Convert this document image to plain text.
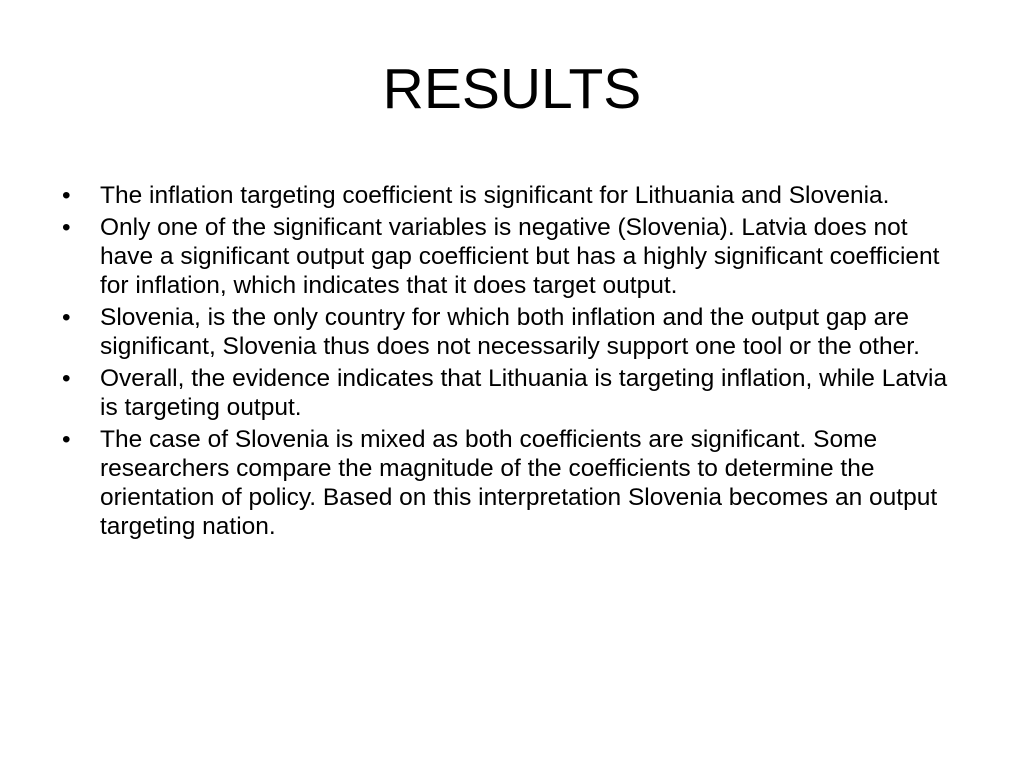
RESULTS
•	The inflation targeting coefficient is significant for Lithuania and Slovenia.
•	Only one of the significant variables is negative (Slovenia). Latvia does not have a significant output gap coefficient but has a highly significant coefficient for inflation, which indicates that it does target output.
•	Slovenia, is the only country for which both inflation and the output gap are significant, Slovenia thus does not necessarily support one tool or the other.
•	Overall, the evidence indicates that Lithuania is targeting inflation, while Latvia is targeting output.
•	The case of Slovenia is mixed as both coefficients are significant. Some researchers compare the magnitude of the coefficients to determine the orientation of policy. Based on this interpretation Slovenia becomes an output targeting nation.
